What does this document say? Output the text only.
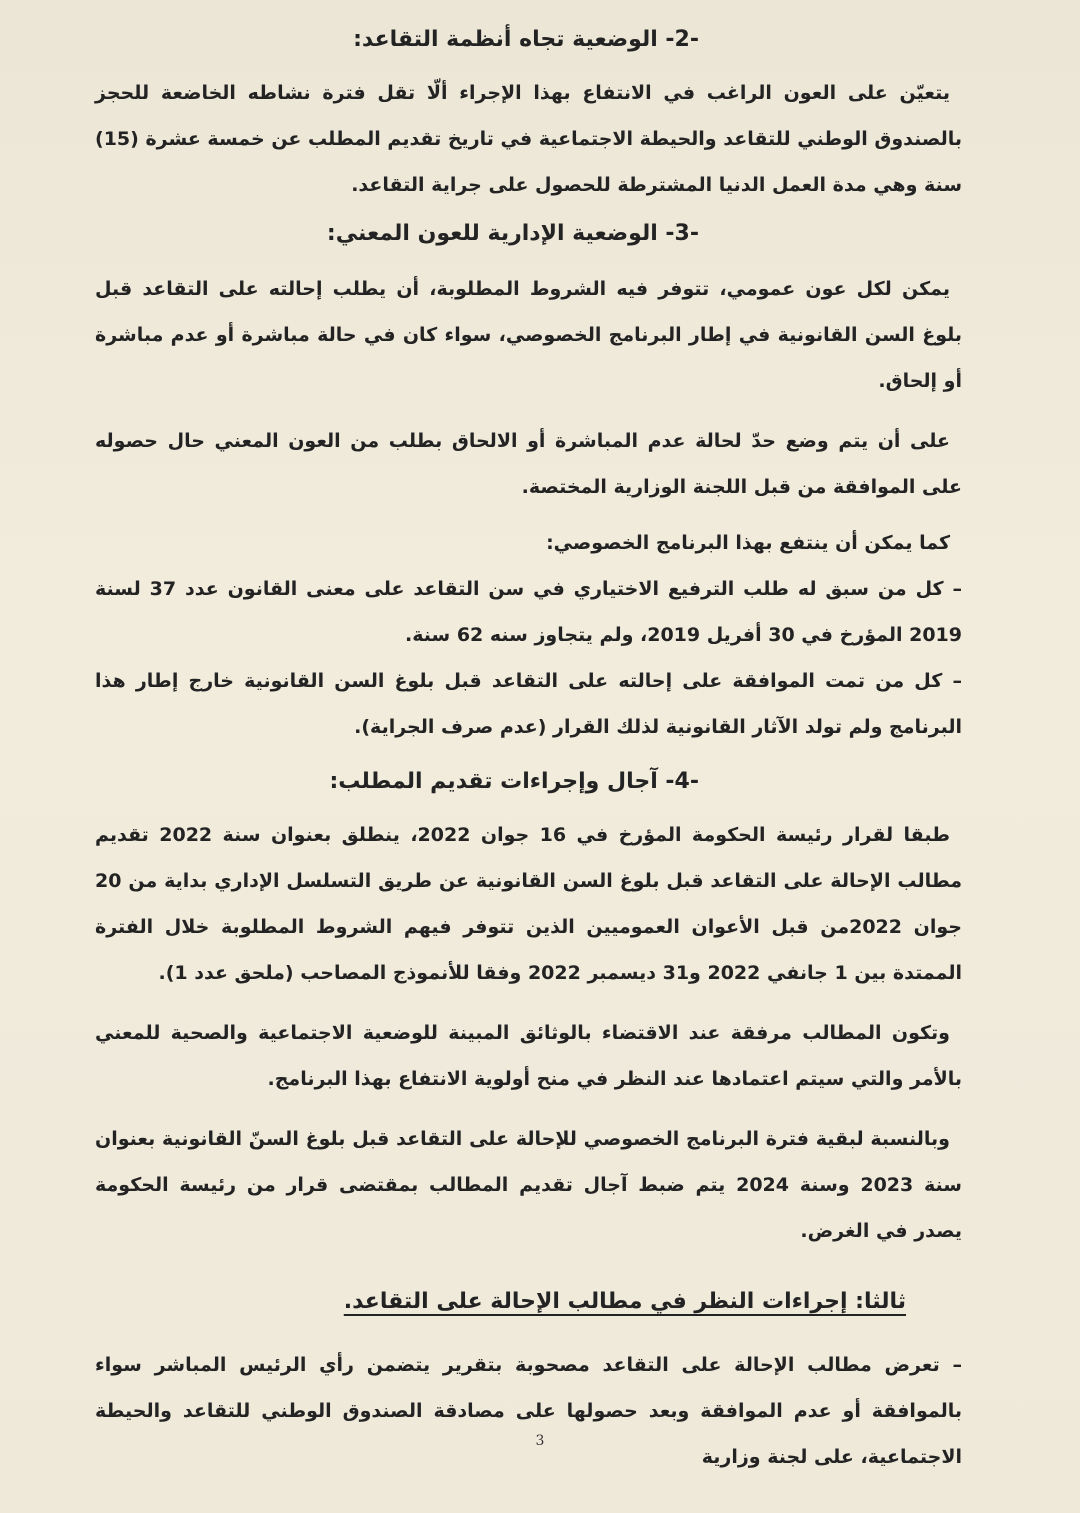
-2- الوضعية تجاه أنظمة التقاعد:

يتعيّن على العون الراغب في الانتفاع بهذا الإجراء ألّا تقل فترة نشاطه الخاضعة للحجز بالصندوق الوطني للتقاعد والحيطة الاجتماعية في تاريخ تقديم المطلب عن خمسة عشرة (15) سنة وهي مدة العمل الدنيا المشترطة للحصول على جراية التقاعد.

-3- الوضعية الإدارية للعون المعني:

يمكن لكل عون عمومي، تتوفر فيه الشروط المطلوبة، أن يطلب إحالته على التقاعد قبل بلوغ السن القانونية في إطار البرنامج الخصوصي، سواء كان في حالة مباشرة أو عدم مباشرة أو إلحاق.

على أن يتم وضع حدّ لحالة عدم المباشرة أو الالحاق بطلب من العون المعني حال حصوله على الموافقة من قبل اللجنة الوزارية المختصة.

كما يمكن أن ينتفع بهذا البرنامج الخصوصي:

– كل من سبق له طلب الترفيع الاختياري في سن التقاعد على معنى القانون عدد 37 لسنة 2019 المؤرخ في 30 أفريل 2019، ولم يتجاوز سنه 62 سنة.

– كل من تمت الموافقة على إحالته على التقاعد قبل بلوغ السن القانونية خارج إطار هذا البرنامج ولم تولد الآثار القانونية لذلك القرار (عدم صرف الجراية).

-4- آجال وإجراءات تقديم المطلب:

طبقا لقرار رئيسة الحكومة المؤرخ في 16 جوان 2022، ينطلق بعنوان سنة 2022 تقديم مطالب الإحالة على التقاعد قبل بلوغ السن القانونية عن طريق التسلسل الإداري بداية من 20 جوان 2022من قبل الأعوان العموميين الذين تتوفر فيهم الشروط المطلوبة خلال الفترة الممتدة بين 1 جانفي 2022 و31 ديسمبر 2022 وفقا للأنموذج المصاحب (ملحق عدد 1).

وتكون المطالب مرفقة عند الاقتضاء بالوثائق المبينة للوضعية الاجتماعية والصحية للمعني بالأمر والتي سيتم اعتمادها عند النظر في منح أولوية الانتفاع بهذا البرنامج.

وبالنسبة لبقية فترة البرنامج الخصوصي للإحالة على التقاعد قبل بلوغ السنّ القانونية بعنوان سنة 2023 وسنة 2024 يتم ضبط آجال تقديم المطالب بمقتضى قرار من رئيسة الحكومة يصدر في الغرض.

ثالثا: إجراءات النظر في مطالب الإحالة على التقاعد.

– تعرض مطالب الإحالة على التقاعد مصحوبة بتقرير يتضمن رأي الرئيس المباشر سواء بالموافقة أو عدم الموافقة وبعد حصولها على مصادقة الصندوق الوطني للتقاعد والحيطة الاجتماعية، على لجنة وزارية

3
